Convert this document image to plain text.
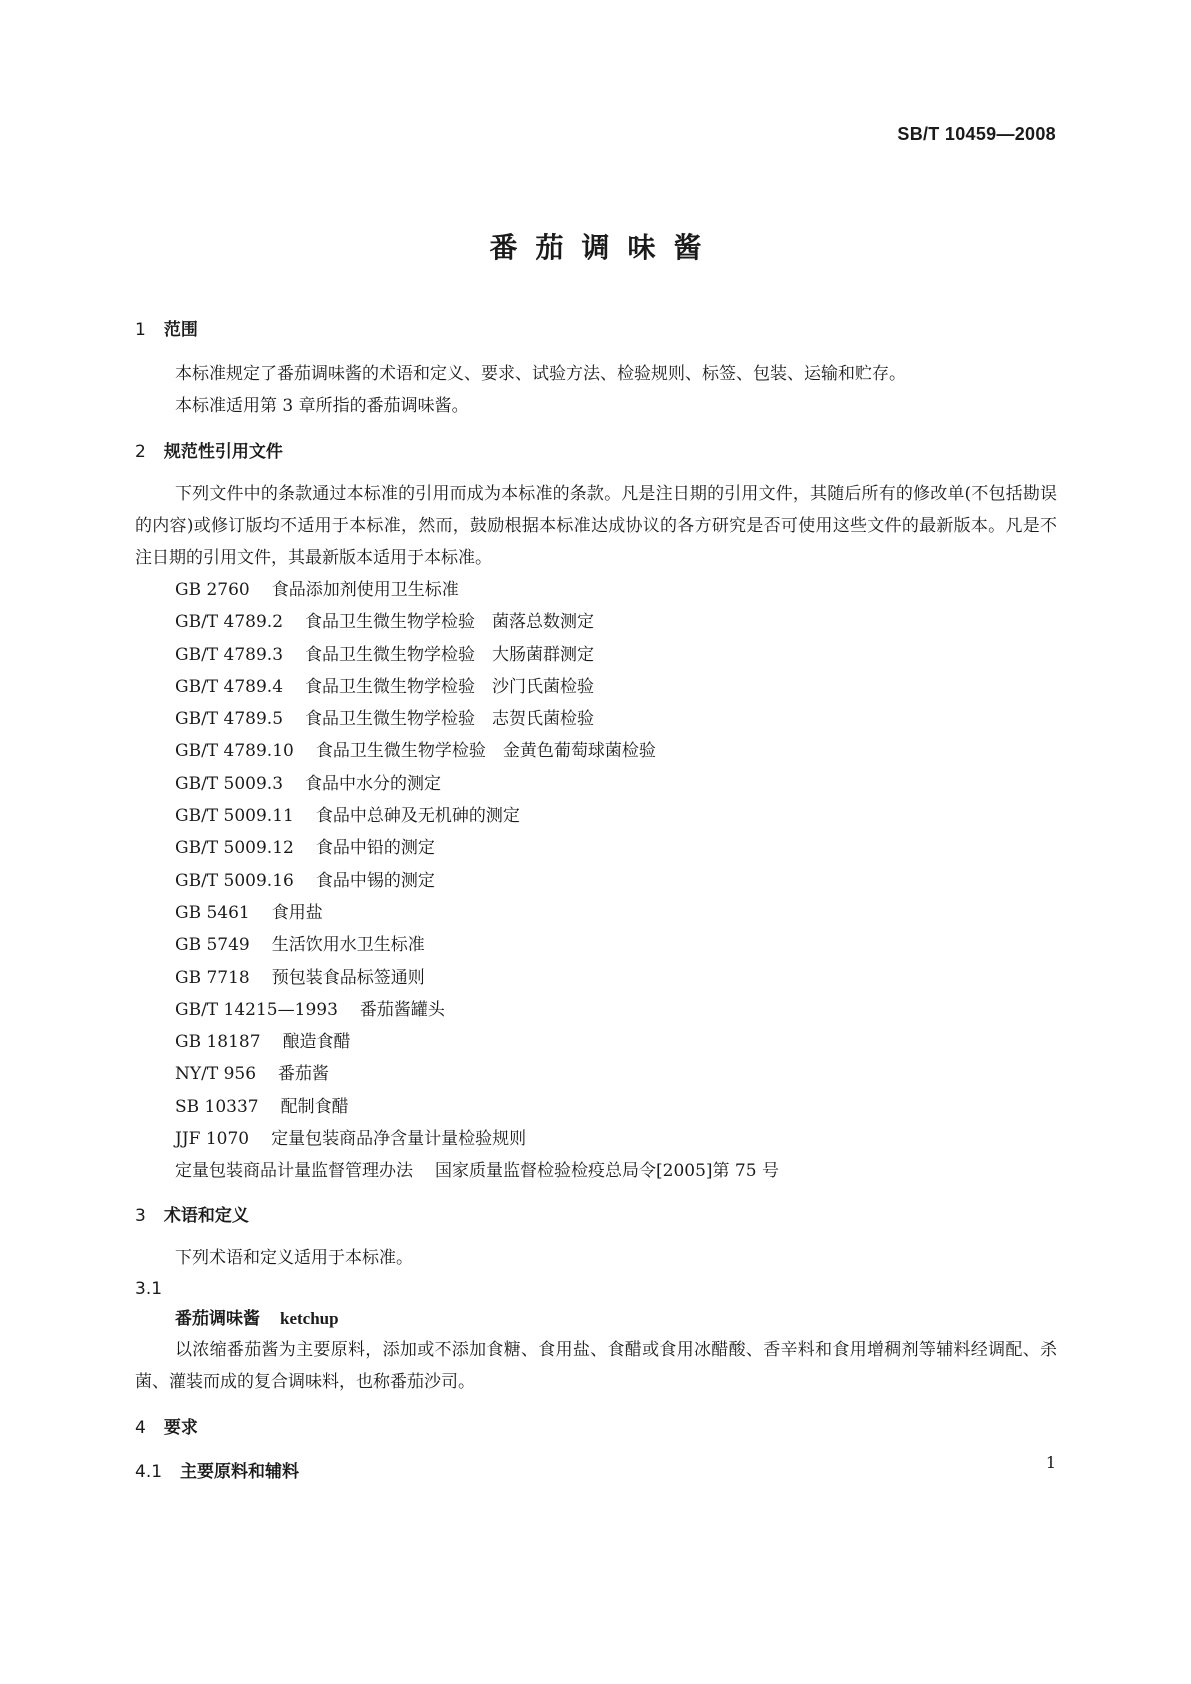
SB/T 10459—2008
番茄调味酱

1 范围

本标准规定了番茄调味酱的术语和定义、要求、试验方法、检验规则、标签、包装、运输和贮存。

本标准适用第 3 章所指的番茄调味酱。

2 规范性引用文件

下列文件中的条款通过本标准的引用而成为本标准的条款。凡是注日期的引用文件，其随后所有的修改单(不包括勘误的内容)或修订版均不适用于本标准，然而，鼓励根据本标准达成协议的各方研究是否可使用这些文件的最新版本。凡是不注日期的引用文件，其最新版本适用于本标准。

GB 2760 食品添加剂使用卫生标准

GB/T 4789.2 食品卫生微生物学检验　菌落总数测定

GB/T 4789.3 食品卫生微生物学检验　大肠菌群测定

GB/T 4789.4 食品卫生微生物学检验　沙门氏菌检验

GB/T 4789.5 食品卫生微生物学检验　志贺氏菌检验

GB/T 4789.10 食品卫生微生物学检验　金黄色葡萄球菌检验

GB/T 5009.3 食品中水分的测定

GB/T 5009.11 食品中总砷及无机砷的测定

GB/T 5009.12 食品中铅的测定

GB/T 5009.16 食品中锡的测定

GB 5461 食用盐

GB 5749 生活饮用水卫生标准

GB 7718 预包装食品标签通则

GB/T 14215—1993 番茄酱罐头

GB 18187 酿造食醋

NY/T 956 番茄酱

SB 10337 配制食醋

JJF 1070 定量包装商品净含量计量检验规则

定量包装商品计量监督管理办法 国家质量监督检验检疫总局令[2005]第 75 号

3 术语和定义

下列术语和定义适用于本标准。

3.1

番茄调味酱 ketchup

以浓缩番茄酱为主要原料，添加或不添加食糖、食用盐、食醋或食用冰醋酸、香辛料和食用增稠剂等辅料经调配、杀菌、灌装而成的复合调味料，也称番茄沙司。

4 要求

4.1 主要原料和辅料	1
